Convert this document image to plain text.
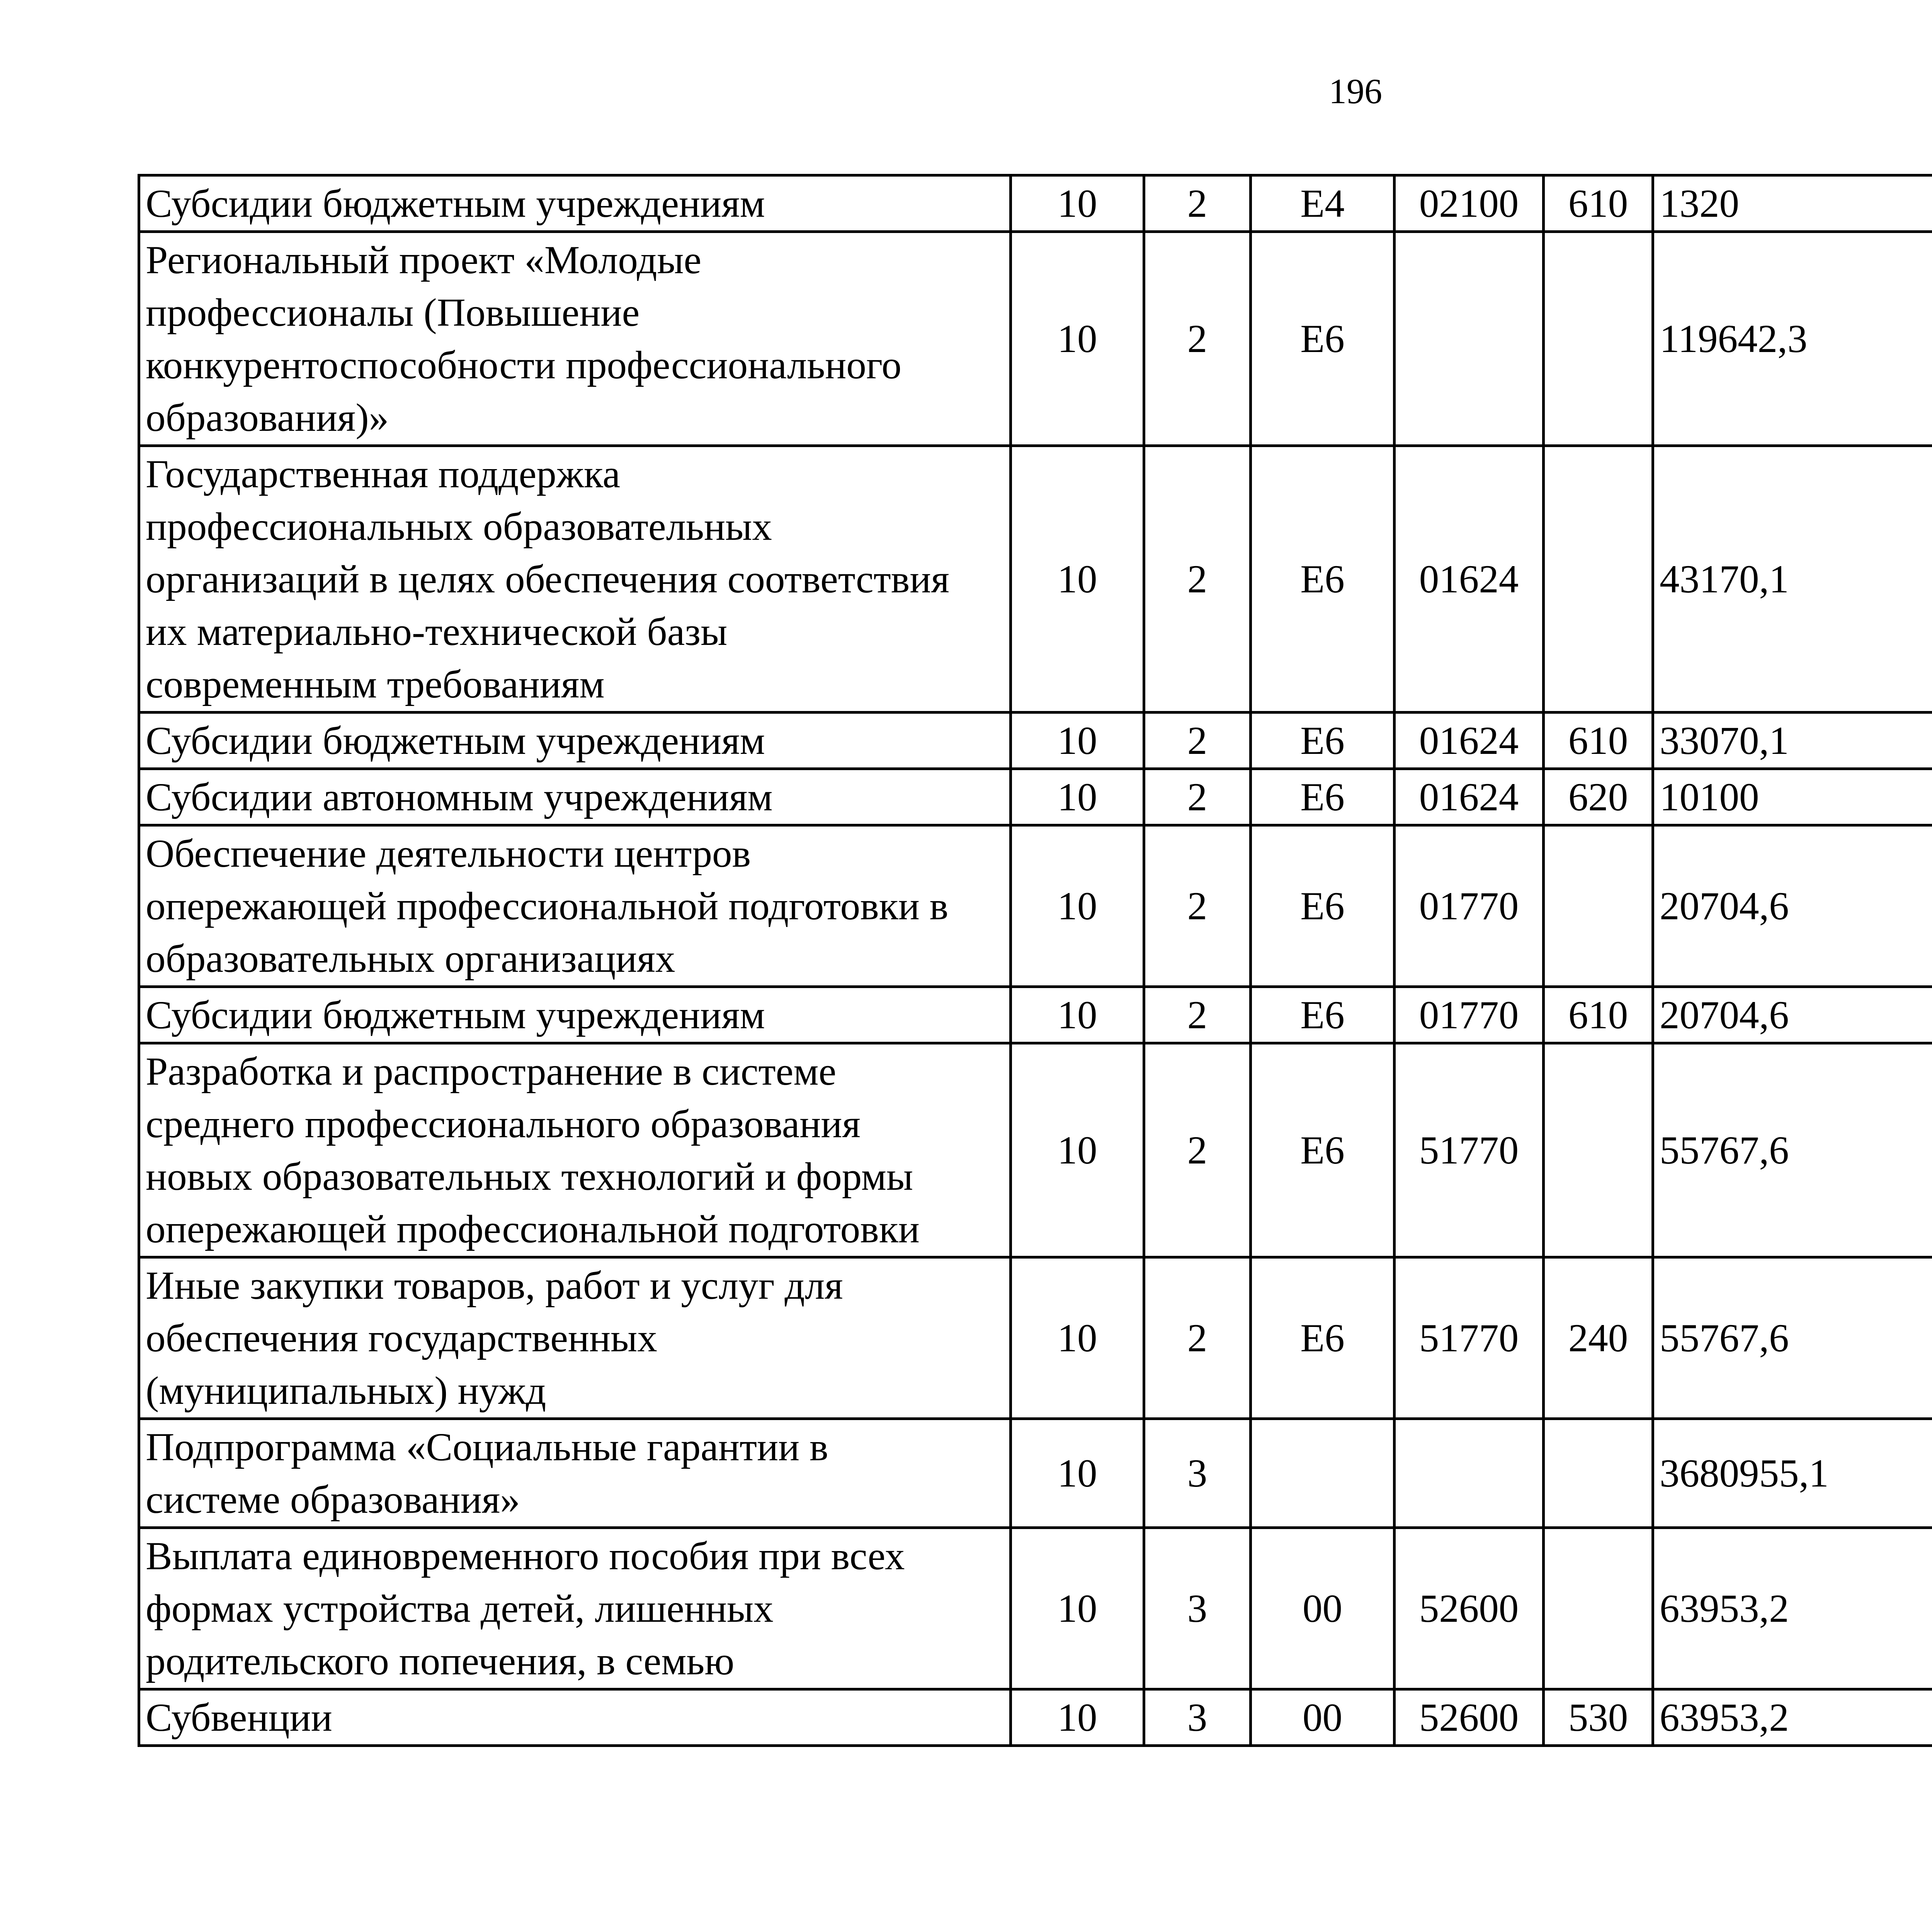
196
Субсидии бюджетным учреждениям	10	2	Е4	02100	610	1320		
Региональный проект «Молодые
профессионалы (Повышение
конкурентоспособности профессионального
образования)»	10	2	Е6			119642,3		
Государственная поддержка
профессиональных образовательных
организаций в целях обеспечения соответствия
их материально-технической базы
современным требованиям	10	2	Е6	01624		43170,1		
Субсидии бюджетным учреждениям	10	2	Е6	01624	610	33070,1		
Субсидии автономным учреждениям	10	2	Е6	01624	620	10100		
Обеспечение деятельности центров
опережающей профессиональной подготовки в
образовательных организациях	10	2	Е6	01770		20704,6		
Субсидии бюджетным учреждениям	10	2	Е6	01770	610	20704,6		
Разработка и распространение в системе
среднего профессионального образования
новых образовательных технологий и формы
опережающей профессиональной подготовки	10	2	Е6	51770		55767,6		
Иные закупки товаров, работ и услуг для
обеспечения государственных
(муниципальных) нужд	10	2	Е6	51770	240	55767,6		
Подпрограмма «Социальные гарантии в
системе образования»	10	3				3680955,1		
Выплата единовременного пособия при всех
формах устройства детей, лишенных
родительского попечения, в семью	10	3	00	52600		63953,2		
Субвенции	10	3	00	52600	530	63953,2		
